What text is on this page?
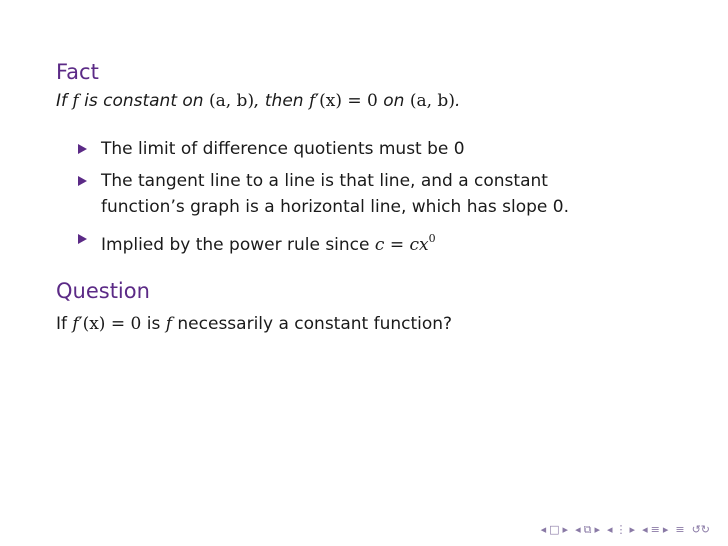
Fact
If f is constant on (a, b), then f′(x) = 0 on (a, b).
The limit of difference quotients must be 0
The tangent line to a line is that line, and a constant
function’s graph is a horizontal line, which has slope 0.
Implied by the power rule since $c = cx^0$
Question
If f′(x) = 0 is f necessarily a constant function?
◂ □ ▸ ◂ ⧉ ▸ ◂ ⋮ ▸ ◂ ≡ ▸ ≡ ↺↻
